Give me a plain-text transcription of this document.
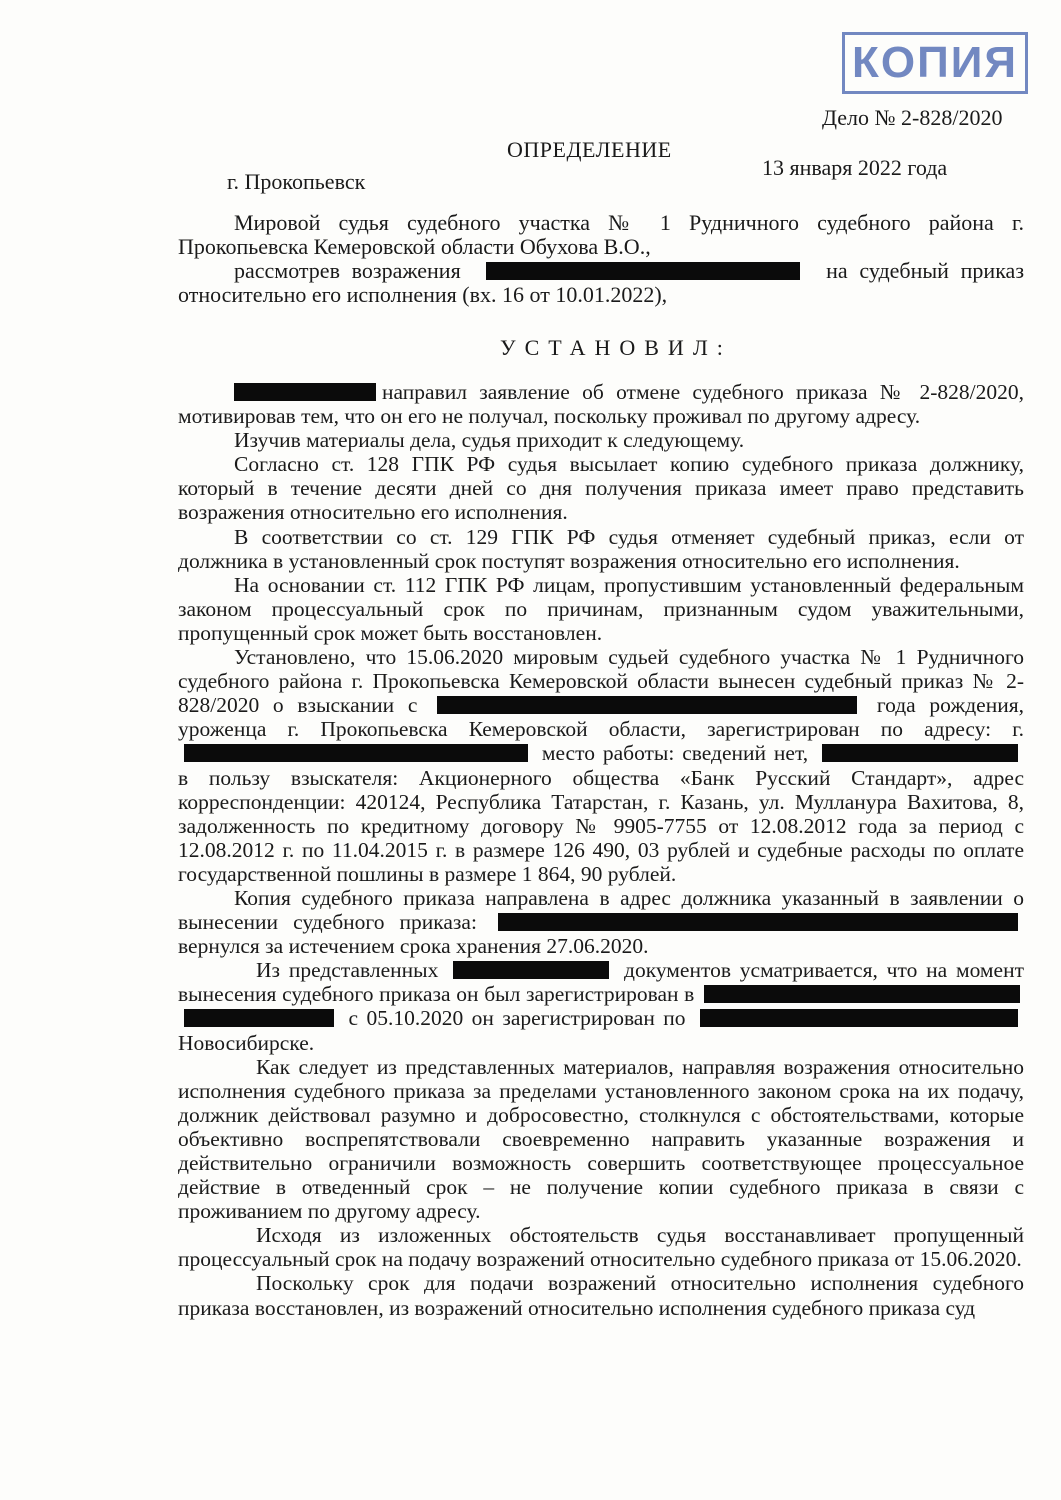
КОПИЯ
Дело № 2-828/2020
ОПРЕДЕЛЕНИЕ
г. Прокопьевск
13 января 2022 года

Мировой судья судебного участка № 1 Рудничного судебного района г. Прокопьевска Кемеровской области Обухова В.О.,

рассмотрев возражения	на судебный приказ относительно его исполнения (вх. 16 от 10.01.2022),

УСТАНОВИЛ:

направил заявление об отмене судебного приказа № 2-828/2020, мотивировав тем, что он его не получал, поскольку проживал по другому адресу.

Изучив материалы дела, судья приходит к следующему.

Согласно ст. 128 ГПК РФ судья высылает копию судебного приказа должнику, который в течение десяти дней со дня получения приказа имеет право представить возражения относительно его исполнения.

В соответствии со ст. 129 ГПК РФ судья отменяет судебный приказ, если от должника в установленный срок поступят возражения относительно его исполнения.

На основании ст. 112 ГПК РФ лицам, пропустившим установленный федеральным законом процессуальный срок по причинам, признанным судом уважительными, пропущенный срок может быть восстановлен.

Установлено, что 15.06.2020 мировым судьей судебного участка № 1 Рудничного судебного района г. Прокопьевска Кемеровской области вынесен судебный приказ № 2-828/2020 о взыскании с	года рождения, уроженца г. Прокопьевска Кемеровской области, зарегистрирован по адресу: г.  место работы: сведений нет,  в пользу взыскателя: Акционерного общества «Банк Русский Стандарт», адрес корреспонденции: 420124, Республика Татарстан, г. Казань, ул. Мулланура Вахитова, 8, задолженность по кредитному договору № 9905-7755 от 12.08.2012 года за период с 12.08.2012 г. по 11.04.2015 г. в размере 126 490, 03 рублей и судебные расходы по оплате государственной пошлины в размере 1 864, 90 рублей.

Копия судебного приказа направлена в адрес должника указанный в заявлении о вынесении судебного приказа:  вернулся за истечением срока хранения 27.06.2020.

Из представленных	документов усматривается, что на момент вынесения судебного приказа он был зарегистрирован в   с 05.10.2020 он зарегистрирован по  Новосибирске.

Как следует из представленных материалов, направляя возражения относительно исполнения судебного приказа за пределами установленного законом срока на их подачу, должник действовал разумно и добросовестно, столкнулся с обстоятельствами, которые объективно воспрепятствовали своевременно направить указанные возражения и действительно ограничили возможность совершить соответствующее процессуальное действие в отведенный срок – не получение копии судебного приказа в связи с проживанием по другому адресу.

Исходя из изложенных обстоятельств судья восстанавливает пропущенный процессуальный срок на подачу возражений относительно судебного приказа от 15.06.2020.

Поскольку срок для подачи возражений относительно исполнения судебного приказа восстановлен, из возражений относительно исполнения судебного приказа суд
